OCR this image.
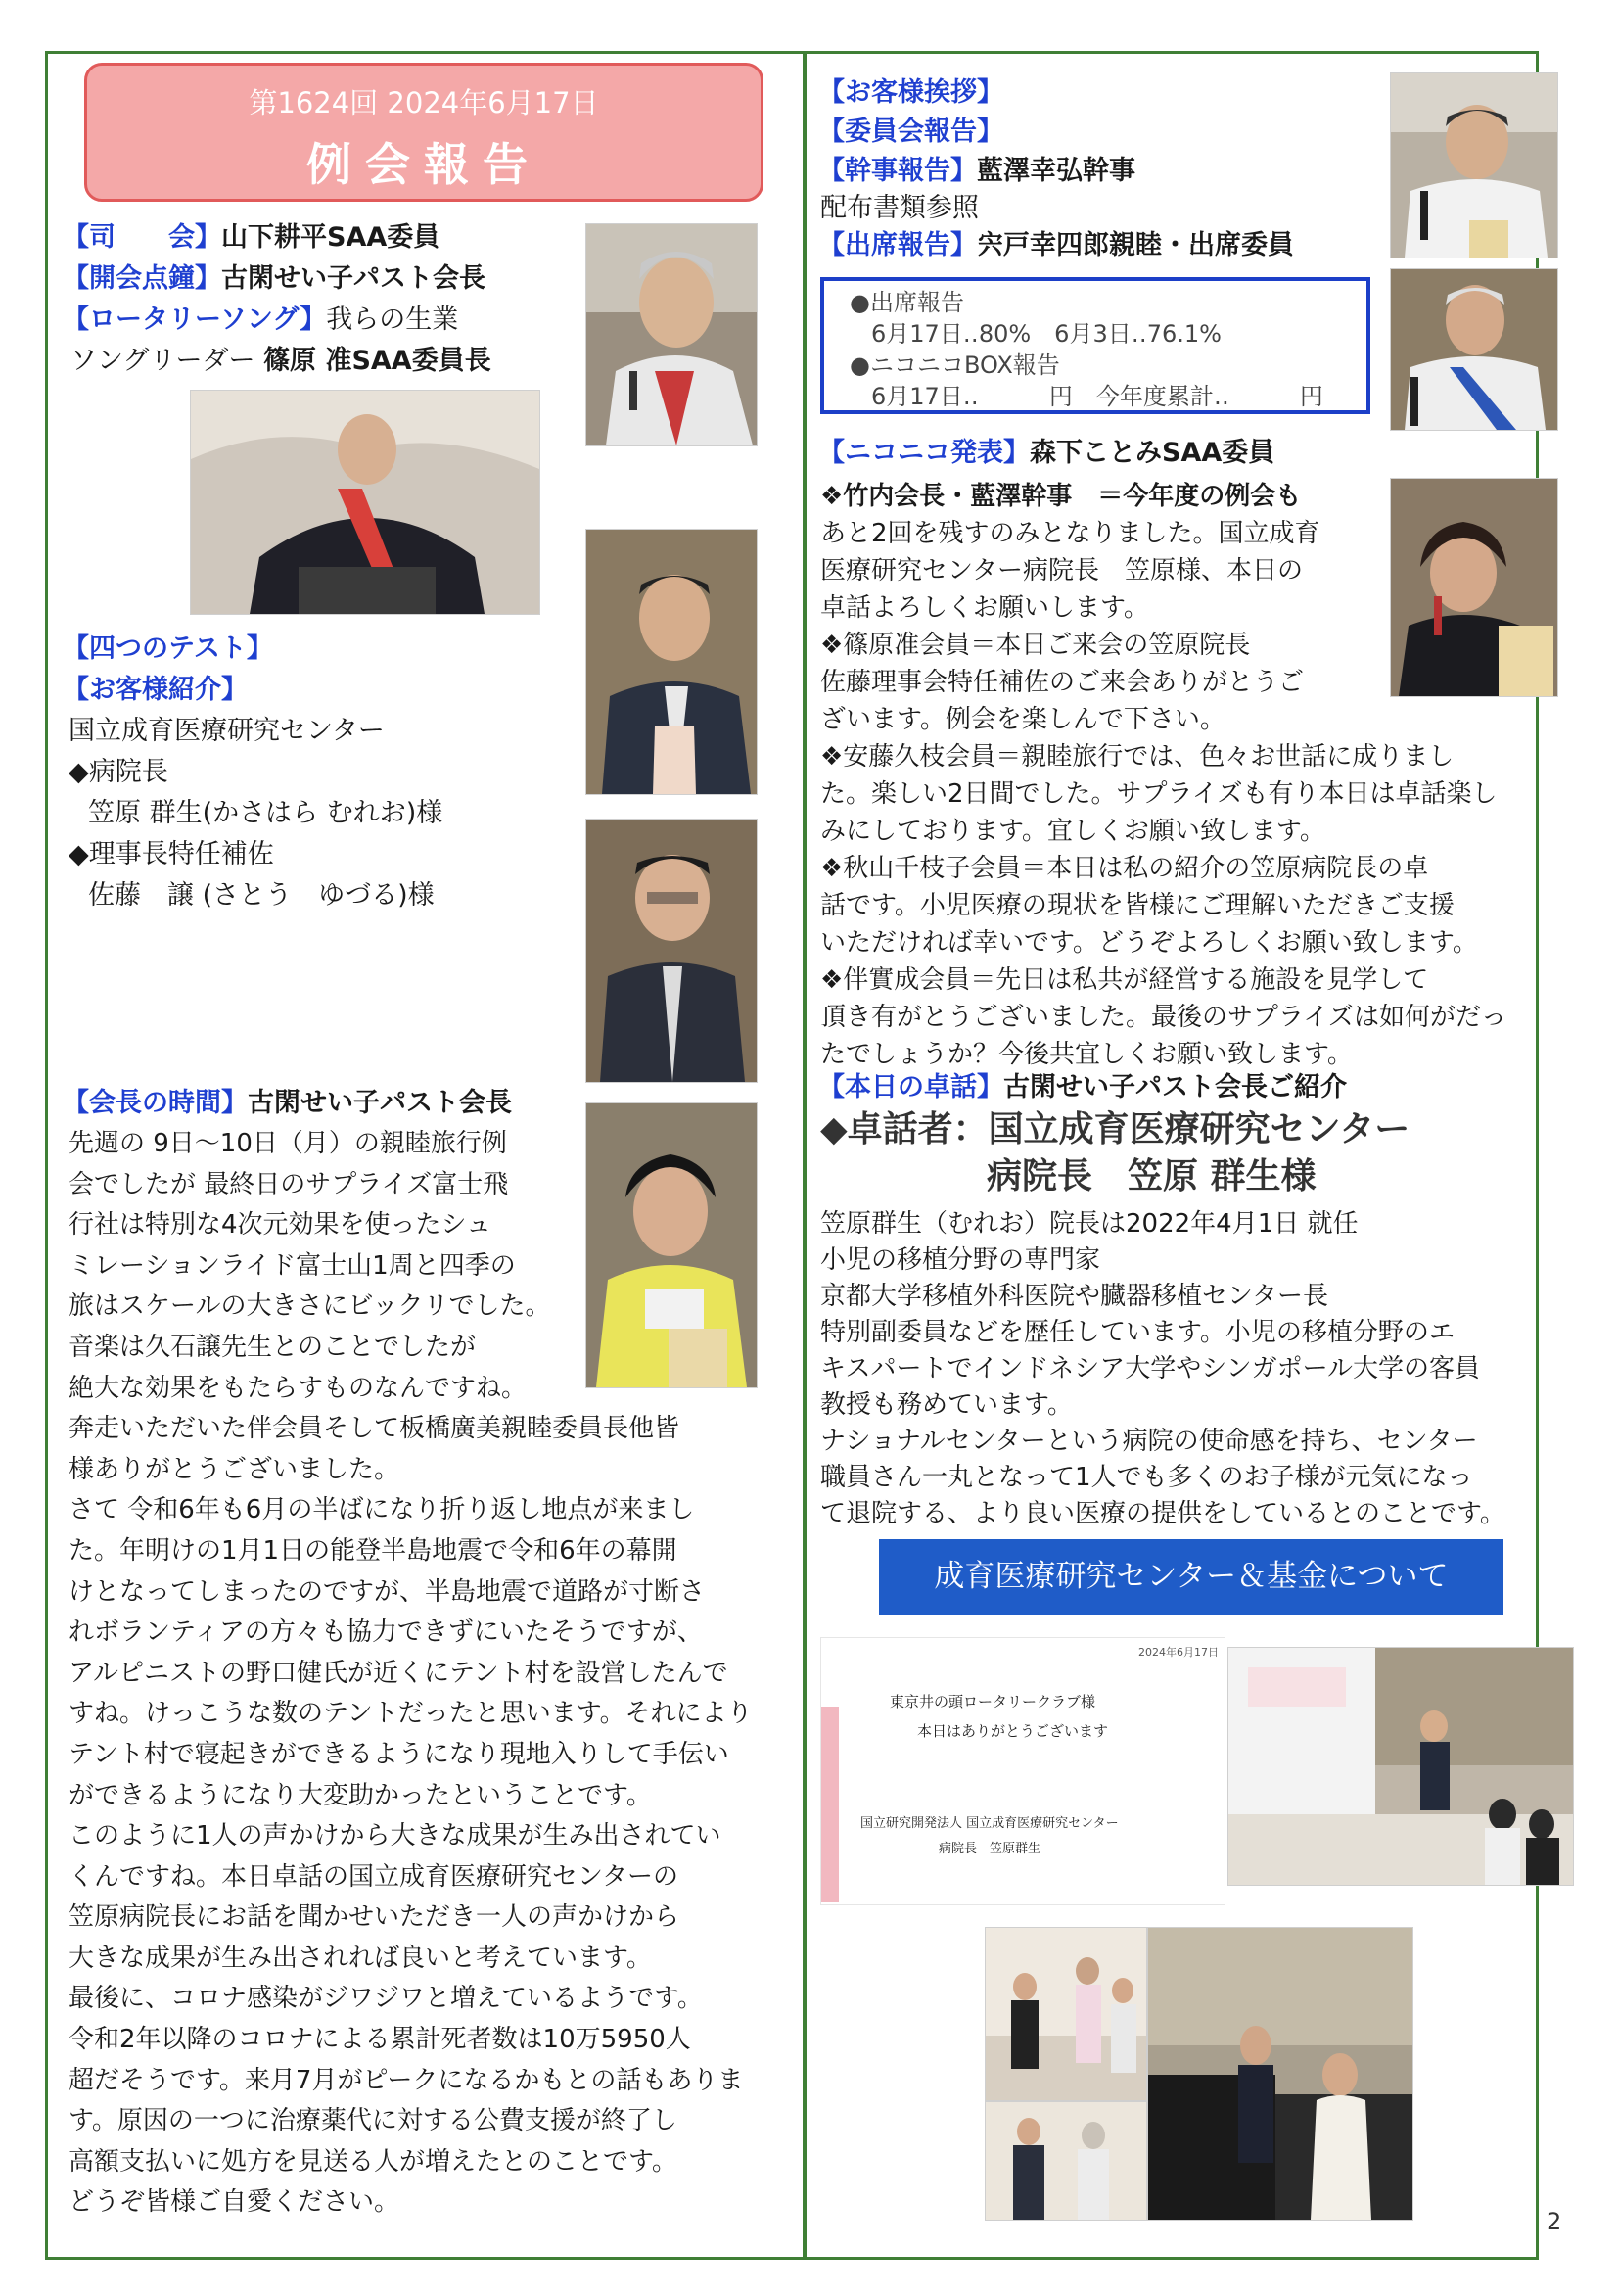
第1624回 2024年6月17日
例会報告
【司　　会】山下耕平SAA委員
【開会点鐘】古閑せい子パスト会長
【ロータリーソング】我らの生業
ソングリーダー 篠原 准SAA委員長
【四つのテスト】
【お客様紹介】
国立成育医療研究センター
◆病院長
笠原 群生(かさはら むれお)様
◆理事長特任補佐
佐藤　譲 (さとう　ゆづる)様
【会長の時間】古閑せい子パスト会長
先週の 9日～10日（月）の親睦旅行例
会でしたが 最終日のサプライズ富士飛
行社は特別な4次元効果を使ったシュ
ミレーションライド富士山1周と四季の
旅はスケールの大きさにビックリでした。
音楽は久石譲先生とのことでしたが
絶大な効果をもたらすものなんですね。
奔走いただいた伴会員そして板橋廣美親睦委員長他皆
様ありがとうございました。
さて 令和6年も6月の半ばになり折り返し地点が来まし
た。年明けの1月1日の能登半島地震で令和6年の幕開
けとなってしまったのですが、半島地震で道路が寸断さ
れボランティアの方々も協力できずにいたそうですが、
アルピニストの野口健氏が近くにテント村を設営したんで
すね。けっこうな数のテントだったと思います。それにより
テント村で寝起きができるようになり現地入りして手伝い
ができるようになり大変助かったということです。
このように1人の声かけから大きな成果が生み出されてい
くんですね。本日卓話の国立成育医療研究センターの
笠原病院長にお話を聞かせいただき一人の声かけから
大きな成果が生み出されれば良いと考えています。
最後に、コロナ感染がジワジワと増えているようです。
令和2年以降のコロナによる累計死者数は10万5950人
超だそうです。来月7月がピークになるかもとの話もありま
す。原因の一つに治療薬代に対する公費支援が終了し
高額支払いに処方を見送る人が増えたとのことです。
どうぞ皆様ご自愛ください。
【お客様挨拶】
【委員会報告】
【幹事報告】藍澤幸弘幹事
配布書類参照
【出席報告】宍戸幸四郎親睦・出席委員
●出席報告
6月17日‥80%　6月3日‥76.1%
●ニコニコBOX報告
6月17日‥　　　円　今年度累計‥　　　円
【ニコニコ発表】森下ことみSAA委員
❖竹内会長・藍澤幹事　＝今年度の例会も
あと2回を残すのみとなりました。国立成育
医療研究センター病院長　笠原様、本日の
卓話よろしくお願いします。
❖篠原准会員＝本日ご来会の笠原院長
佐藤理事会特任補佐のご来会ありがとうご
ざいます。例会を楽しんで下さい。
❖安藤久枝会員＝親睦旅行では、色々お世話に成りまし
た。楽しい2日間でした。サプライズも有り本日は卓話楽し
みにしております。宜しくお願い致します。
❖秋山千枝子会員＝本日は私の紹介の笠原病院長の卓
話です。小児医療の現状を皆様にご理解いただきご支援
いただければ幸いです。どうぞよろしくお願い致します。
❖伴實成会員＝先日は私共が経営する施設を見学して
頂き有がとうございました。最後のサプライズは如何がだっ
たでしょうか？今後共宜しくお願い致します。
【本日の卓話】古閑せい子パスト会長ご紹介
◆卓話者：国立成育医療研究センター
病院長　笠原 群生様
笠原群生（むれお）院長は2022年4月1日 就任
小児の移植分野の専門家
京都大学移植外科医院や臓器移植センター長
特別副委員などを歴任しています。小児の移植分野のエ
キスパートでインドネシア大学やシンガポール大学の客員
教授も務めています。
ナショナルセンターという病院の使命感を持ち、センター
職員さん一丸となって1人でも多くのお子様が元気になっ
て退院する、より良い医療の提供をしているとのことです。
成育医療研究センター＆基金について
2024年6月17日
東京井の頭ロータリークラブ様
本日はありがとうございます
国立研究開発法人 国立成育医療研究センター
病院長　笠原群生
2
